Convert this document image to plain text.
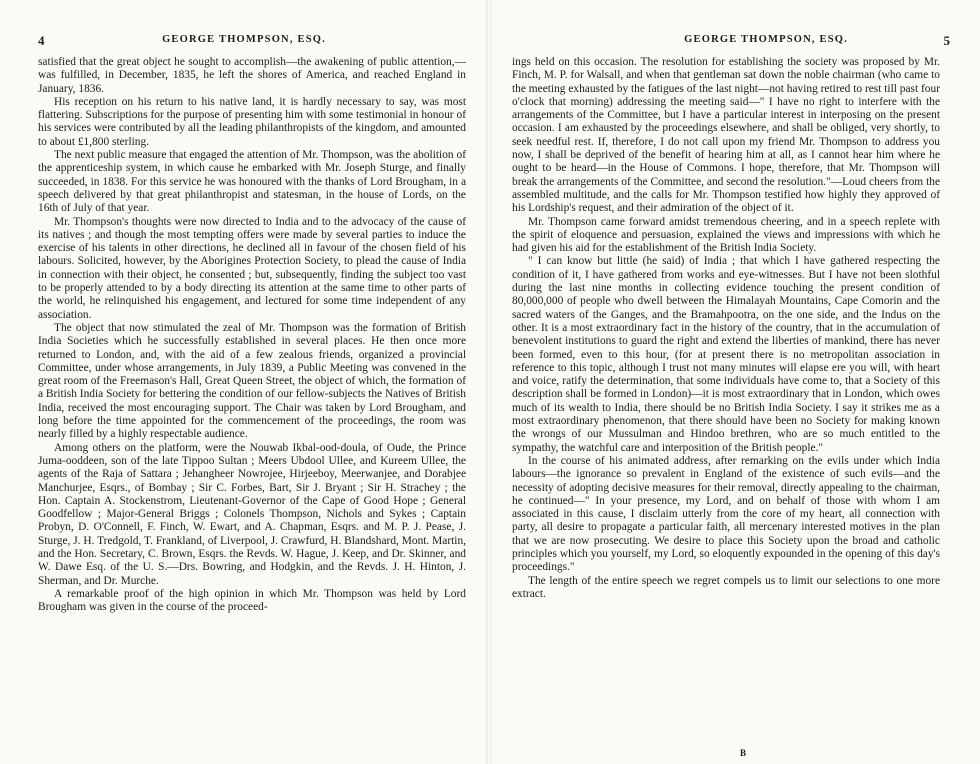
4	GEORGE THOMPSON, ESQ.

satisfied that the great object he sought to accomplish—the awakening of public attention,—was fulfilled, in December, 1835, he left the shores of America, and reached England in January, 1836.

His reception on his return to his native land, it is hardly necessary to say, was most flattering. Subscriptions for the purpose of presenting him with some testimonial in honour of his services were contributed by all the leading philanthropists of the kingdom, and amounted to about £1,800 sterling.

The next public measure that engaged the attention of Mr. Thompson, was the abolition of the apprenticeship system, in which cause he embarked with Mr. Joseph Sturge, and finally succeeded, in 1838. For this service he was honoured with the thanks of Lord Brougham, in a speech delivered by that great philanthropist and statesman, in the house of Lords, on the 16th of July of that year.

Mr. Thompson's thoughts were now directed to India and to the advocacy of the cause of its natives ; and though the most tempting offers were made by several parties to induce the exercise of his talents in other directions, he declined all in favour of the chosen field of his labours. Solicited, however, by the Aborigines Protection Society, to plead the cause of India in connection with their object, he consented ; but, subsequently, finding the subject too vast to be properly attended to by a body directing its attention at the same time to other parts of the world, he relinquished his engagement, and lectured for some time independent of any association.

The object that now stimulated the zeal of Mr. Thompson was the formation of British India Societies which he successfully established in several places. He then once more returned to London, and, with the aid of a few zealous friends, organized a provincial Committee, under whose arrangements, in July 1839, a Public Meeting was convened in the great room of the Freemason's Hall, Great Queen Street, the object of which, the formation of a British India Society for bettering the condition of our fellow-subjects the Natives of British India, received the most encouraging support. The Chair was taken by Lord Brougham, and long before the time appointed for the commencement of the proceedings, the room was nearly filled by a highly respectable audience.

Among others on the platform, were the Nouwab Ikbal-ood-doula, of Oude, the Prince Juma-ooddeen, son of the late Tippoo Sultan ; Meers Ubdool Ullee, and Kureem Ullee, the agents of the Raja of Sattara ; Jehangheer Nowrojee, Hirjeeboy, Meerwanjee, and Dorabjee Manchurjee, Esqrs., of Bombay ; Sir C. Forbes, Bart, Sir J. Bryant ; Sir H. Strachey ; the Hon. Captain A. Stockenstrom, Lieutenant-Governor of the Cape of Good Hope ; General Goodfellow ; Major-General Briggs ; Colonels Thompson, Nichols and Sykes ; Captain Probyn, D. O'Connell, F. Finch, W. Ewart, and A. Chapman, Esqrs. and M. P. J. Pease, J. Sturge, J. H. Tredgold, T. Frankland, of Liverpool, J. Crawfurd, H. Blandshard, Mont. Martin, and the Hon. Secretary, C. Brown, Esqrs. the Revds. W. Hague, J. Keep, and Dr. Skinner, and W. Dawe Esq. of the U. S.—Drs. Bowring, and Hodgkin, and the Revds. J. H. Hinton, J. Sherman, and Dr. Murche.

A remarkable proof of the high opinion in which Mr. Thompson was held by Lord Brougham was given in the course of the proceed-

GEORGE THOMPSON, ESQ.	5

ings held on this occasion. The resolution for establishing the society was proposed by Mr. Finch, M. P. for Walsall, and when that gentleman sat down the noble chairman (who came to the meeting exhausted by the fatigues of the last night—not having retired to rest till past four o'clock that morning) addressing the meeting said—" I have no right to interfere with the arrangements of the Committee, but I have a particular interest in interposing on the present occasion. I am exhausted by the proceedings elsewhere, and shall be obliged, very shortly, to seek needful rest. If, therefore, I do not call upon my friend Mr. Thompson to address you now, I shall be deprived of the benefit of hearing him at all, as I cannot hear him where he ought to be heard—in the House of Commons. I hope, therefore, that Mr. Thompson will break the arrangements of the Committee, and second the resolution."—Loud cheers from the assembled multitude, and the calls for Mr. Thompson testified how highly they approved of his Lordship's request, and their admiration of the object of it.

Mr. Thompson came forward amidst tremendous cheering, and in a speech replete with the spirit of eloquence and persuasion, explained the views and impressions with which he had given his aid for the establishment of the British India Society.

" I can know but little (he said) of India ; that which I have gathered respecting the condition of it, I have gathered from works and eye-witnesses. But I have not been slothful during the last nine months in collecting evidence touching the present condition of 80,000,000 of people who dwell between the Himalayah Mountains, Cape Comorin and the sacred waters of the Ganges, and the Bramahpootra, on the one side, and the Indus on the other. It is a most extraordinary fact in the history of the country, that in the accumulation of benevolent institutions to guard the right and extend the liberties of mankind, there has never been formed, even to this hour, (for at present there is no metropolitan association in reference to this topic, although I trust not many minutes will elapse ere you will, with heart and voice, ratify the determination, that some individuals have come to, that a Society of this description shall be formed in London)—it is most extraordinary that in London, which owes much of its wealth to India, there should be no British India Society. I say it strikes me as a most extraordinary phenomenon, that there should have been no Society for making known the wrongs of our Mussulman and Hindoo brethren, who are so much entitled to the sympathy, the watchful care and interposition of the British people."

In the course of his animated address, after remarking on the evils under which India labours—the ignorance so prevalent in England of the existence of such evils—and the necessity of adopting decisive measures for their removal, directly appealing to the chairman, he continued—" In your presence, my Lord, and on behalf of those with whom I am associated in this cause, I disclaim utterly from the core of my heart, all connection with party, all desire to propagate a particular faith, all mercenary interested motives in the plan that we are now prosecuting. We desire to place this Society upon the broad and catholic principles which you yourself, my Lord, so eloquently expounded in the opening of this day's proceedings."

The length of the entire speech we regret compels us to limit our selections to one more extract.

B
